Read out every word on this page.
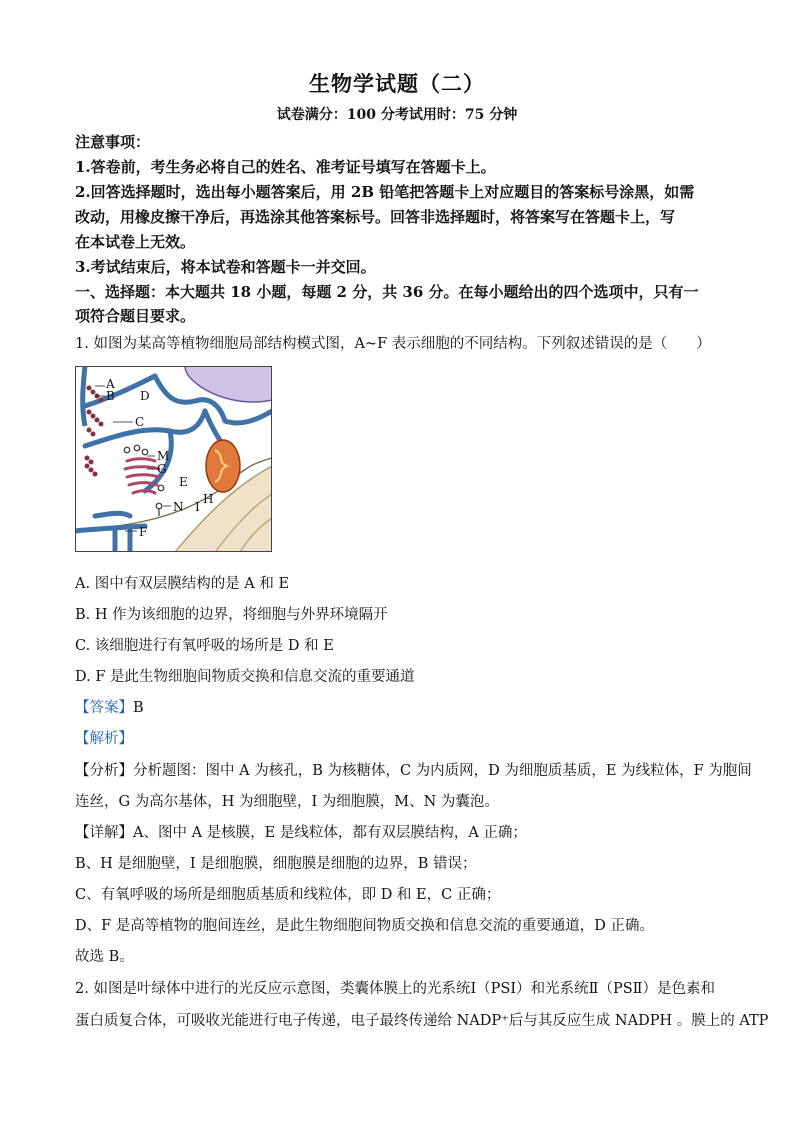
生物学试题（二）
试卷满分：100 分考试用时：75 分钟
注意事项：
1.答卷前，考生务必将自己的姓名、准考证号填写在答题卡上。
2.回答选择题时，选出每小题答案后，用 2B 铅笔把答题卡上对应题目的答案标号涂黑，如需
改动，用橡皮擦干净后，再选涂其他答案标号。回答非选择题时，将答案写在答题卡上，写
在本试卷上无效。
3.考试结束后，将本试卷和答题卡一并交回。
一、选择题：本大题共 18 小题，每题 2 分，共 36 分。在每小题给出的四个选项中，只有一
项符合题目要求。
1. 如图为某高等植物细胞局部结构模式图，A~F 表示细胞的不同结构。下列叙述错误的是（　　）
A
B D
C
M
G
E
H
I
N
F
A. 图中有双层膜结构的是 A 和 E
B. H 作为该细胞的边界，将细胞与外界环境隔开
C. 该细胞进行有氧呼吸的场所是 D 和 E
D. F 是此生物细胞间物质交换和信息交流的重要通道
【答案】B
【解析】
【分析】分析题图：图中 A 为核孔，B 为核糖体，C 为内质网，D 为细胞质基质，E 为线粒体，F 为胞间
连丝，G 为高尔基体，H 为细胞壁，I 为细胞膜，M、N 为囊泡。
【详解】A、图中 A 是核膜，E 是线粒体，都有双层膜结构，A 正确；
B、H 是细胞壁，I 是细胞膜，细胞膜是细胞的边界，B 错误；
C、有氧呼吸的场所是细胞质基质和线粒体，即 D 和 E，C 正确；
D、F 是高等植物的胞间连丝，是此生物细胞间物质交换和信息交流的重要通道，D 正确。
故选 B。
2. 如图是叶绿体中进行的光反应示意图，类囊体膜上的光系统Ⅰ（PSⅠ）和光系统Ⅱ（PSⅡ）是色素和
蛋白质复合体，可吸收光能进行电子传递，电子最终传递给 NADP⁺后与其反应生成 NADPH 。膜上的 ATP
